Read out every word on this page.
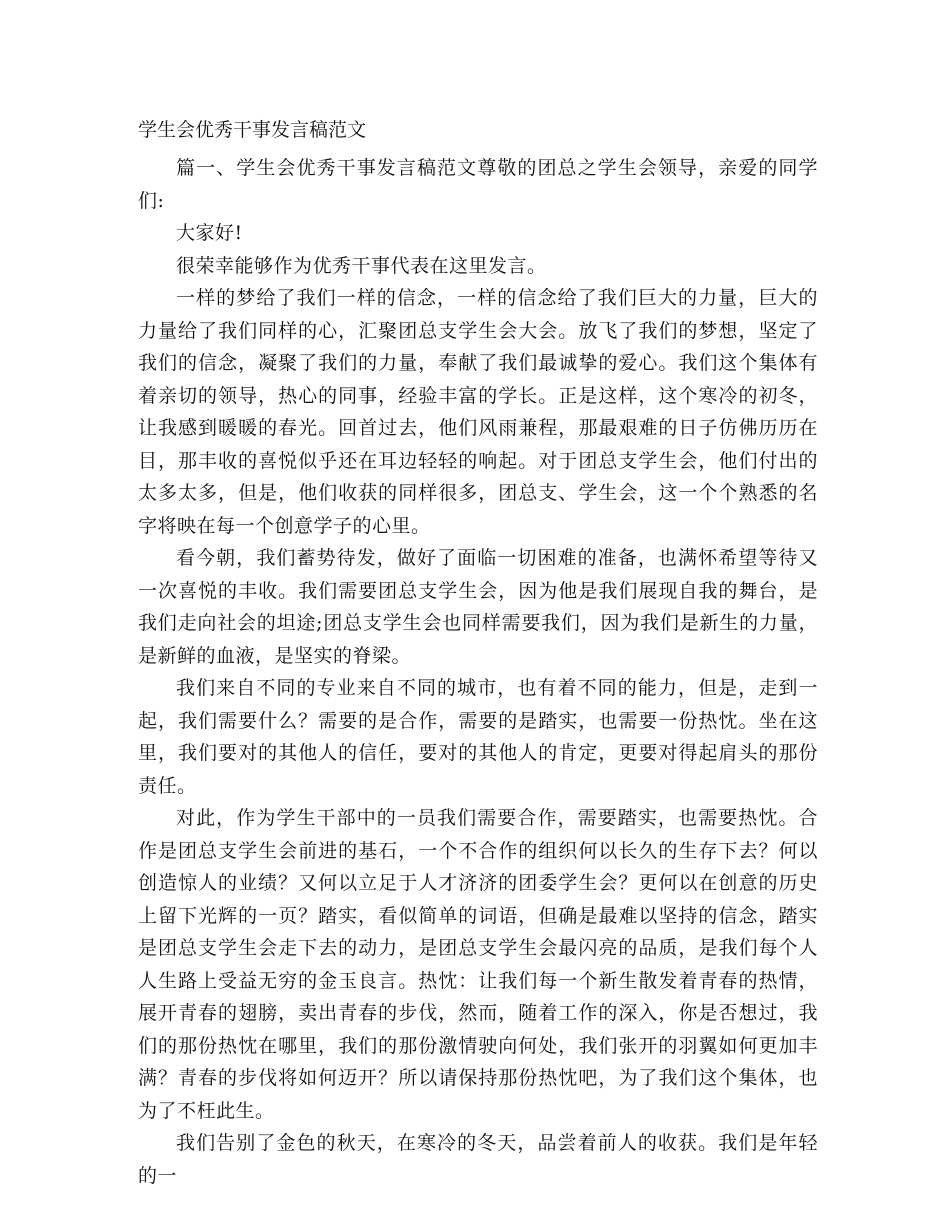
学生会优秀干事发言稿范文

篇一、学生会优秀干事发言稿范文尊敬的团总之学生会领导，亲爱的同学们:

大家好!

很荣幸能够作为优秀干事代表在这里发言。

一样的梦给了我们一样的信念，一样的信念给了我们巨大的力量，巨大的力量给了我们同样的心，汇聚团总支学生会大会。放飞了我们的梦想，坚定了我们的信念，凝聚了我们的力量，奉献了我们最诚挚的爱心。我们这个集体有着亲切的领导，热心的同事，经验丰富的学长。正是这样，这个寒冷的初冬，让我感到暖暖的春光。回首过去，他们风雨兼程，那最艰难的日子仿佛历历在目，那丰收的喜悦似乎还在耳边轻轻的响起。对于团总支学生会，他们付出的太多太多，但是，他们收获的同样很多，团总支、学生会，这一个个熟悉的名字将映在每一个创意学子的心里。

看今朝，我们蓄势待发，做好了面临一切困难的准备，也满怀希望等待又一次喜悦的丰收。我们需要团总支学生会，因为他是我们展现自我的舞台，是我们走向社会的坦途;团总支学生会也同样需要我们，因为我们是新生的力量，是新鲜的血液，是坚实的脊梁。

我们来自不同的专业来自不同的城市，也有着不同的能力，但是，走到一起，我们需要什么？需要的是合作，需要的是踏实，也需要一份热忱。坐在这里，我们要对的其他人的信任，要对的其他人的肯定，更要对得起肩头的那份责任。

对此，作为学生干部中的一员我们需要合作，需要踏实，也需要热忱。合作是团总支学生会前进的基石，一个不合作的组织何以长久的生存下去？何以创造惊人的业绩？又何以立足于人才济济的团委学生会？更何以在创意的历史上留下光辉的一页？踏实，看似简单的词语，但确是最难以坚持的信念，踏实是团总支学生会走下去的动力，是团总支学生会最闪亮的品质，是我们每个人人生路上受益无穷的金玉良言。热忱：让我们每一个新生散发着青春的热情，展开青春的翅膀，卖出青春的步伐，然而，随着工作的深入，你是否想过，我们的那份热忱在哪里，我们的那份激情驶向何处，我们张开的羽翼如何更加丰满？青春的步伐将如何迈开？所以请保持那份热忱吧，为了我们这个集体，也为了不枉此生。

我们告别了金色的秋天，在寒冷的冬天，品尝着前人的收获。我们是年轻的一
